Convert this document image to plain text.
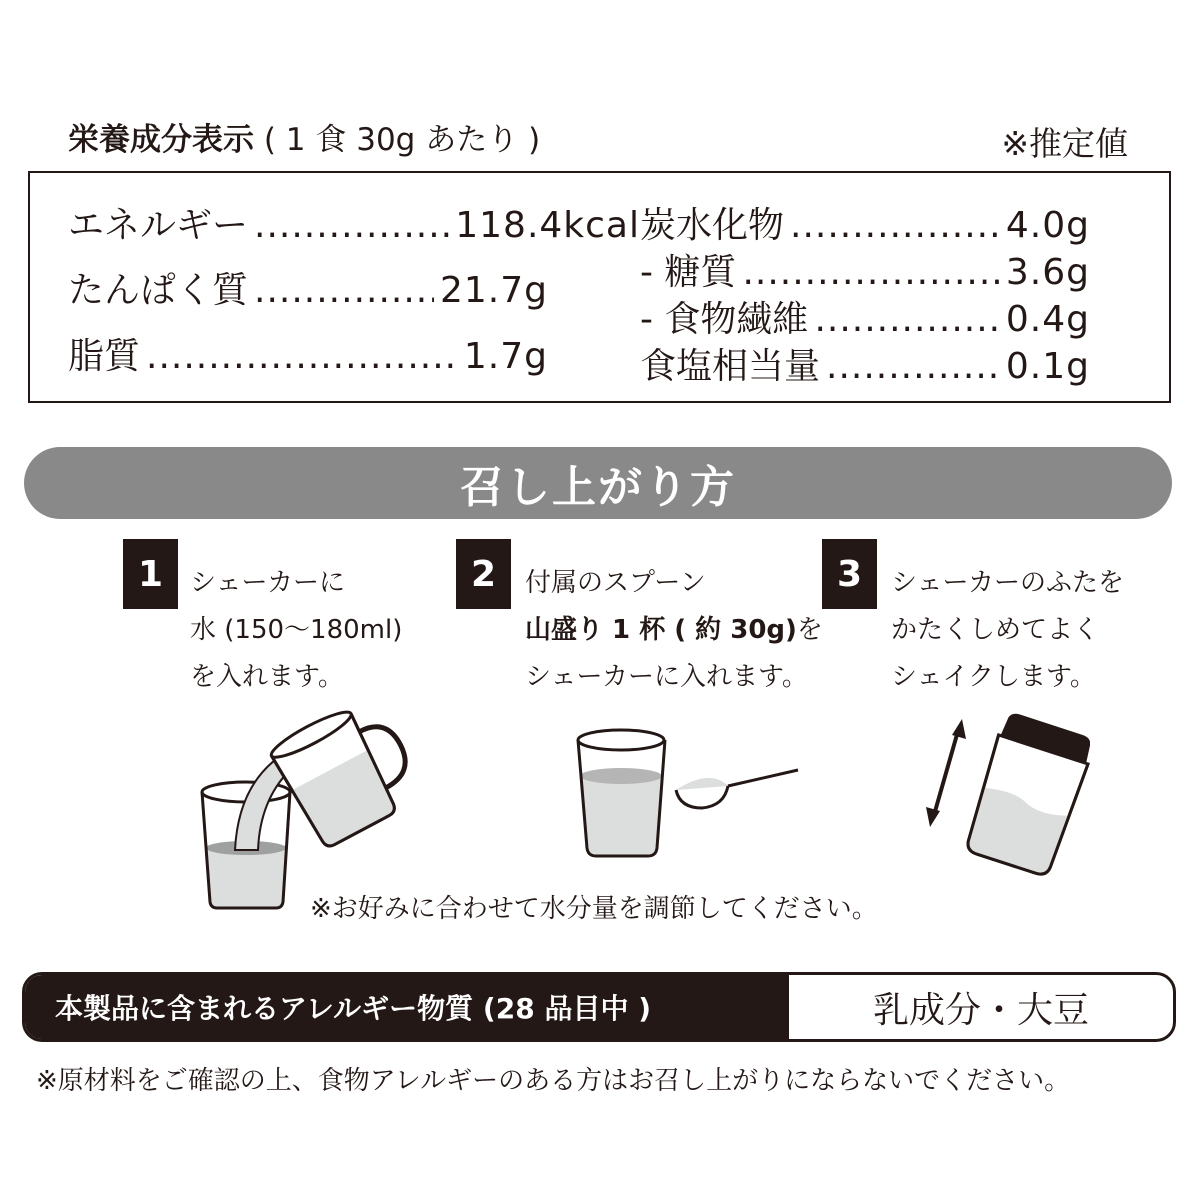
栄養成分表示 ( 1 食 30g あたり )	※推定値
エネルギー .....	118.4kcal
たんぱく質 .....	21.7g
脂質 .....	1.7g
炭水化物 .....	4.0g
- 糖質 .....	3.6g
- 食物繊維 .....	0.4g
食塩相当量 .....	0.1g
召し上がり方
1	シェーカーに
水 (150〜180ml)
を入れます。
2	付属のスプーン
山盛り 1 杯 ( 約 30g)を
シェーカーに入れます。
3	シェーカーのふたを
かたくしめてよく
シェイクします。
※お好みに合わせて水分量を調節してください。
本製品に含まれるアレルギー物質 (28 品目中 )	乳成分・大豆
※原材料をご確認の上、食物アレルギーのある方はお召し上がりにならないでください。
